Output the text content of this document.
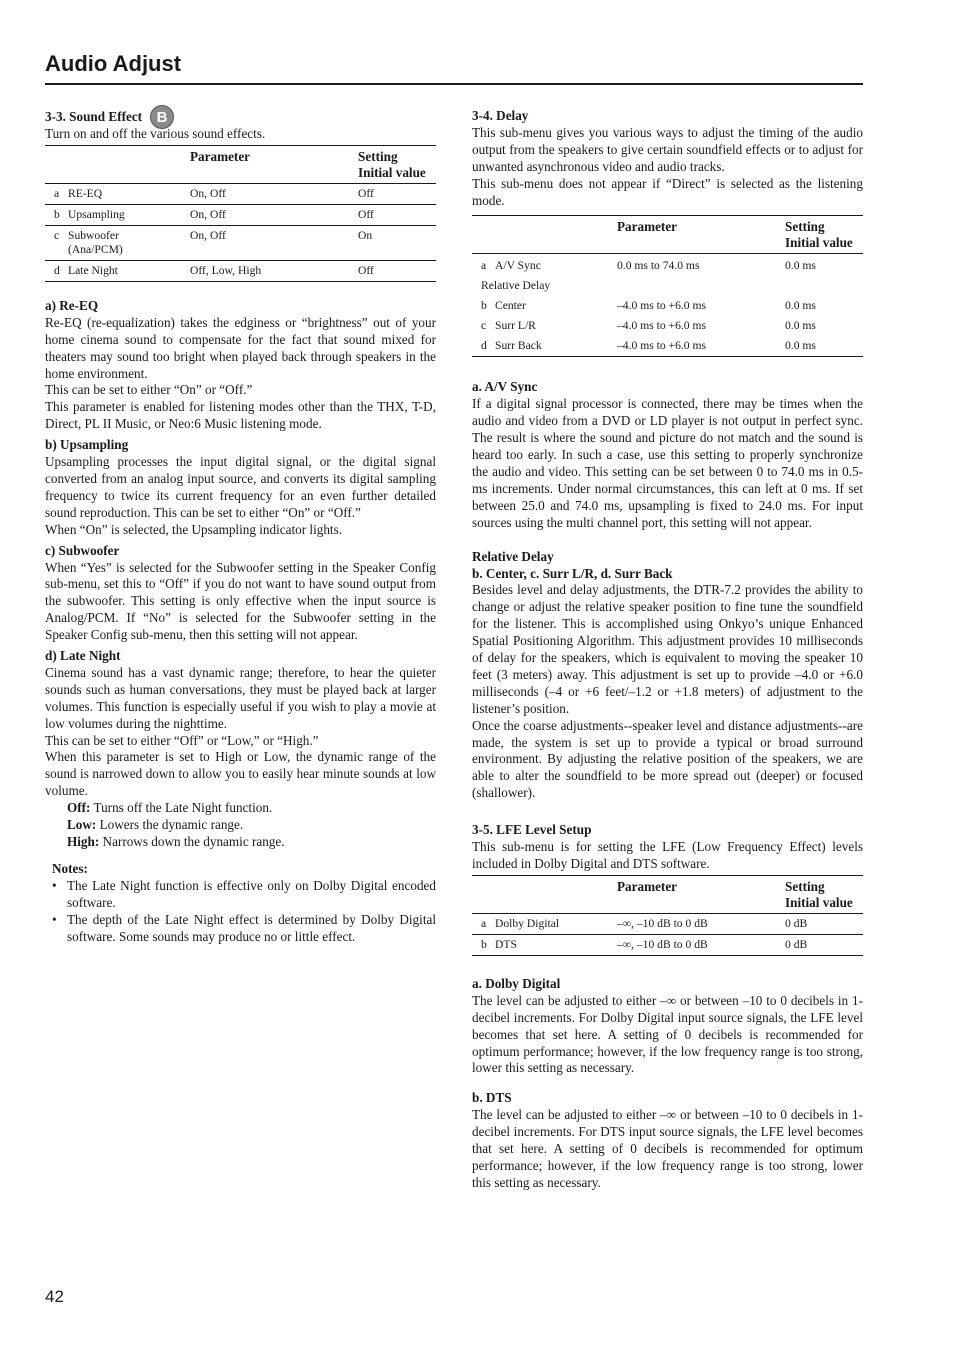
Audio Adjust
3-3. Sound Effect B

Turn on and off the various sound effects.

	Parameter	Setting
Initial value

a RE-EQ	On, Off	Off
b Upsampling	On, Off	Off
c Subwoofer
(Ana/PCM)	On, Off	On
d Late Night	Off, Low, High	Off

a) Re-EQ

Re-EQ (re-equalization) takes the edginess or “brightness” out of your home cinema sound to compensate for the fact that sound mixed for theaters may sound too bright when played back through speakers in the home environment.

This can be set to either “On” or “Off.”

This parameter is enabled for listening modes other than the THX, T-D, Direct, PL II Music, or Neo:6 Music listening mode.

b) Upsampling

Upsampling processes the input digital signal, or the digital signal converted from an analog input source, and converts its digital sampling frequency to twice its current frequency for an even further detailed sound reproduction. This can be set to either “On” or “Off.”

When “On” is selected, the Upsampling indicator lights.

c) Subwoofer

When “Yes” is selected for the Subwoofer setting in the Speaker Config sub-menu, set this to “Off” if you do not want to have sound output from the subwoofer. This setting is only effective when the input source is Analog/PCM. If “No” is selected for the Subwoofer setting in the Speaker Config sub-menu, then this setting will not appear.

d) Late Night

Cinema sound has a vast dynamic range; therefore, to hear the quieter sounds such as human conversations, they must be played back at larger volumes. This function is especially useful if you wish to play a movie at low volumes during the nighttime.

This can be set to either “Off” or “Low,” or “High.”

When this parameter is set to High or Low, the dynamic range of the sound is narrowed down to allow you to easily hear minute sounds at low volume.

Off: Turns off the Late Night function.

Low: Lowers the dynamic range.

High: Narrows down the dynamic range.

Notes:

• The Late Night function is effective only on Dolby Digital encoded software.
• The depth of the Late Night effect is determined by Dolby Digital software. Some sounds may produce no or little effect.

3-4. Delay

This sub-menu gives you various ways to adjust the timing of the audio output from the speakers to give certain soundfield effects or to adjust for unwanted asynchronous video and audio tracks.

This sub-menu does not appear if “Direct” is selected as the listening mode.

	Parameter	Setting
Initial value

a A/V Sync	0.0 ms to 74.0 ms	0.0 ms
Relative Delay		
b Center	–4.0 ms to +6.0 ms	0.0 ms
c Surr L/R	–4.0 ms to +6.0 ms	0.0 ms
d Surr Back	–4.0 ms to +6.0 ms	0.0 ms

a. A/V Sync

If a digital signal processor is connected, there may be times when the audio and video from a DVD or LD player is not output in perfect sync. The result is where the sound and picture do not match and the sound is heard too early. In such a case, use this setting to properly synchronize the audio and video. This setting can be set between 0 to 74.0 ms in 0.5-ms increments. Under normal circumstances, this can left at 0 ms. If set between 25.0 and 74.0 ms, upsampling is fixed to 24.0 ms. For input sources using the multi channel port, this setting will not appear.

Relative Delay

b. Center, c. Surr L/R, d. Surr Back

Besides level and delay adjustments, the DTR-7.2 provides the ability to change or adjust the relative speaker position to fine tune the soundfield for the listener. This is accomplished using Onkyo’s unique Enhanced Spatial Positioning Algorithm. This adjustment provides 10 milliseconds of delay for the speakers, which is equivalent to moving the speaker 10 feet (3 meters) away. This adjustment is set up to provide –4.0 or +6.0 milliseconds (–4 or +6 feet/–1.2 or +1.8 meters) of adjustment to the listener’s position.

Once the coarse adjustments--speaker level and distance adjustments--are made, the system is set up to provide a typical or broad surround environment. By adjusting the relative position of the speakers, we are able to alter the soundfield to be more spread out (deeper) or focused (shallower).

3-5. LFE Level Setup

This sub-menu is for setting the LFE (Low Frequency Effect) levels included in Dolby Digital and DTS software.

	Parameter	Setting
Initial value

a Dolby Digital	–∞, –10 dB to 0 dB	0 dB
b DTS	–∞, –10 dB to 0 dB	0 dB

a. Dolby Digital

The level can be adjusted to either –∞ or between –10 to 0 decibels in 1-decibel increments. For Dolby Digital input source signals, the LFE level becomes that set here. A setting of 0 decibels is recommended for optimum performance; however, if the low frequency range is too strong, lower this setting as necessary.

b. DTS

The level can be adjusted to either –∞ or between –10 to 0 decibels in 1-decibel increments. For DTS input source signals, the LFE level becomes that set here. A setting of 0 decibels is recommended for optimum performance; however, if the low frequency range is too strong, lower this setting as necessary.

42
